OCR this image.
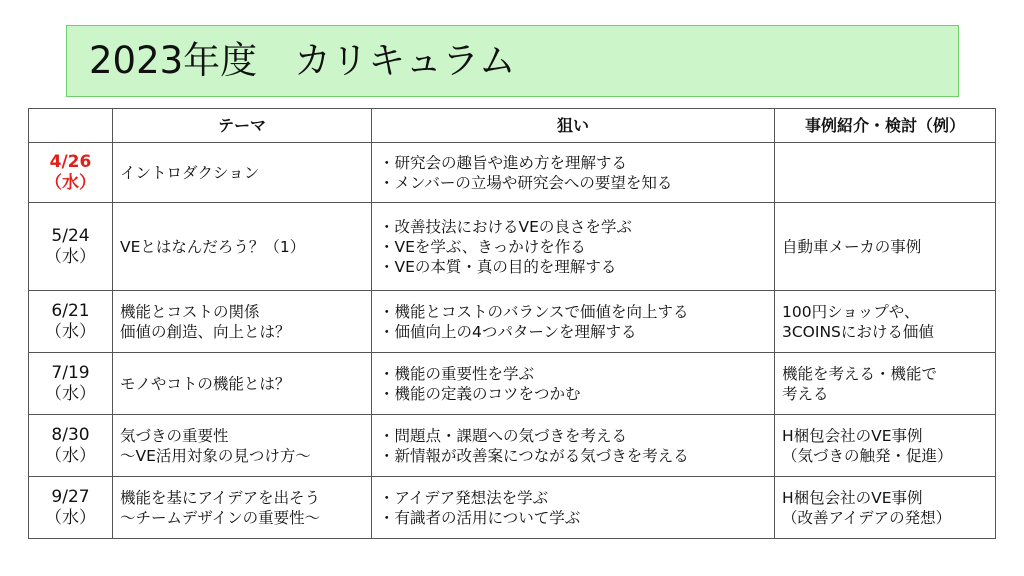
2023年度　カリキュラム
	テーマ	狙い	事例紹介・検討（例）

4/26
（水）	イントロダクション	・研究会の趣旨や進め方を理解する
・メンバーの立場や研究会への要望を知る	

5/24
（水）	VEとはなんだろう？（1）	・改善技法におけるVEの良さを学ぶ
・VEを学ぶ、きっかけを作る
・VEの本質・真の目的を理解する	自動車メーカの事例

6/21
（水）	機能とコストの関係
価値の創造、向上とは？	・機能とコストのバランスで価値を向上する
・価値向上の4つパターンを理解する	100円ショップや、
3COINSにおける価値

7/19
（水）	モノやコトの機能とは？	・機能の重要性を学ぶ
・機能の定義のコツをつかむ	機能を考える・機能で
考える

8/30
（水）	気づきの重要性
～VE活用対象の見つけ方～	・問題点・課題への気づきを考える
・新情報が改善案につながる気づきを考える	H梱包会社のVE事例
（気づきの触発・促進）

9/27
（水）	機能を基にアイデアを出そう
～チームデザインの重要性～	・アイデア発想法を学ぶ
・有識者の活用について学ぶ	H梱包会社のVE事例
（改善アイデアの発想）
